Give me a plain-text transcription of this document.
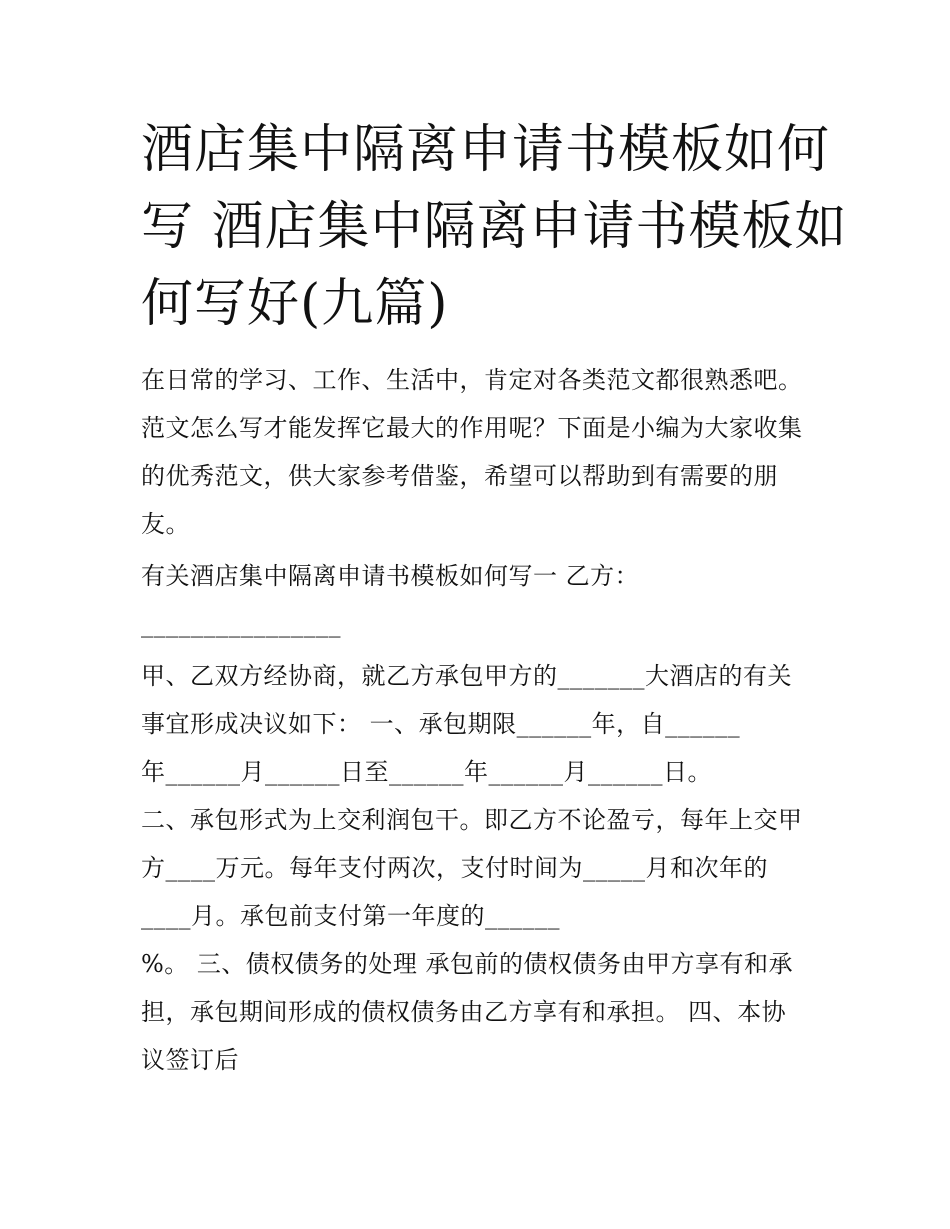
酒店集中隔离申请书模板如何
写 酒店集中隔离申请书模板如
何写好(九篇)
在日常的学习、工作、生活中，肯定对各类范文都很熟悉吧。
范文怎么写才能发挥它最大的作用呢？下面是小编为大家收集
的优秀范文，供大家参考借鉴，希望可以帮助到有需要的朋
友。
有关酒店集中隔离申请书模板如何写一 乙方：
________________
甲、乙双方经协商，就乙方承包甲方的_______大酒店的有关
事宜形成决议如下： 一、承包期限______年，自______
年______月______日至______年______月______日。
二、承包形式为上交利润包干。即乙方不论盈亏，每年上交甲
方____万元。每年支付两次，支付时间为_____月和次年的
____月。承包前支付第一年度的______
%。 三、债权债务的处理 承包前的债权债务由甲方享有和承
担，承包期间形成的债权债务由乙方享有和承担。 四、本协
议签订后
